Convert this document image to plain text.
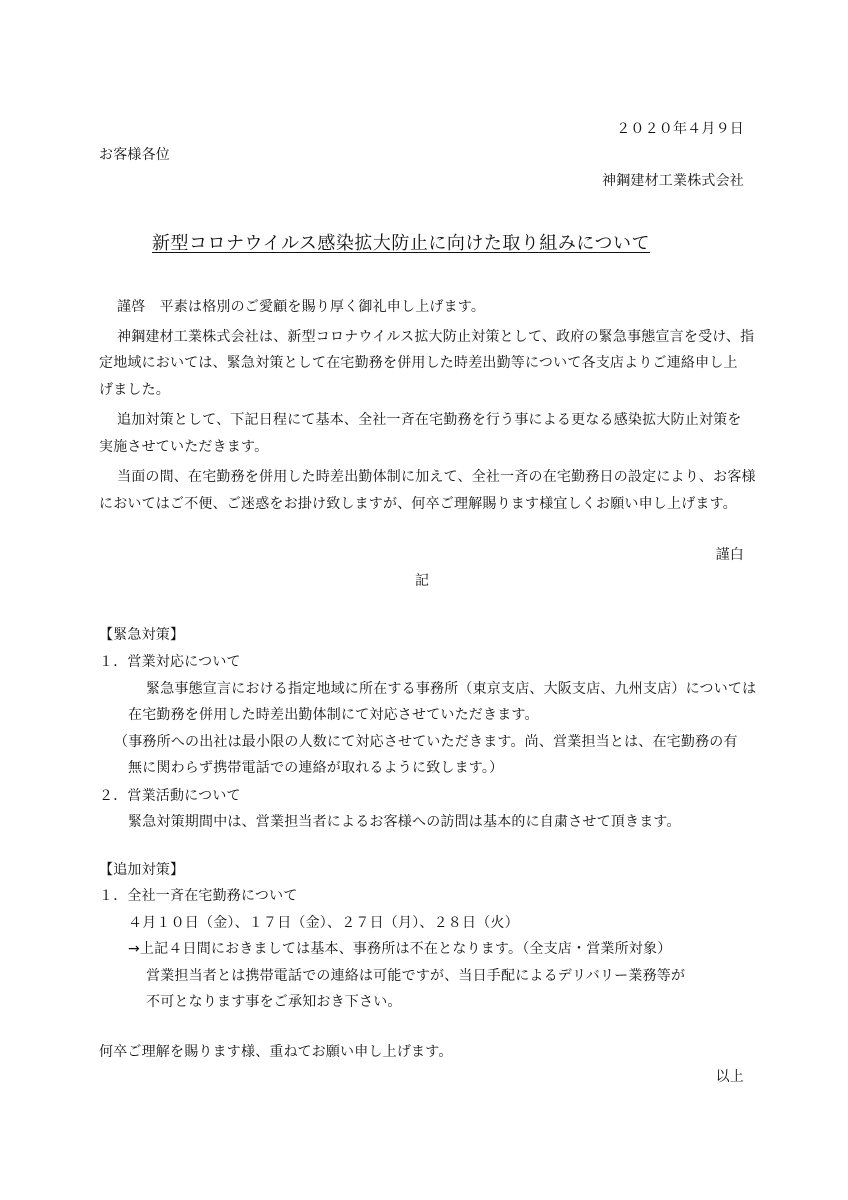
２０２０年４月９日
お客様各位
神鋼建材工業株式会社
新型コロナウイルス感染拡大防止に向けた取り組みについて
謹啓　平素は格別のご愛顧を賜り厚く御礼申し上げます。
神鋼建材工業株式会社は、新型コロナウイルス拡大防止対策として、政府の緊急事態宣言を受け、指
定地域においては、緊急対策として在宅勤務を併用した時差出勤等について各支店よりご連絡申し上
げました。
追加対策として、下記日程にて基本、全社一斉在宅勤務を行う事による更なる感染拡大防止対策を
実施させていただきます。
当面の間、在宅勤務を併用した時差出勤体制に加えて、全社一斉の在宅勤務日の設定により、お客様
においてはご不便、ご迷惑をお掛け致しますが、何卒ご理解賜ります様宜しくお願い申し上げます。
謹白
記
【緊急対策】
１．営業対応について
緊急事態宣言における指定地域に所在する事務所（東京支店、大阪支店、九州支店）については
在宅勤務を併用した時差出勤体制にて対応させていただきます。
（事務所への出社は最小限の人数にて対応させていただきます。尚、営業担当とは、在宅勤務の有
無に関わらず携帯電話での連絡が取れるように致します。）
２．営業活動について
緊急対策期間中は、営業担当者によるお客様への訪問は基本的に自粛させて頂きます。
【追加対策】
１．全社一斉在宅勤務について
４月１０日（金）、１７日（金）、２７日（月）、２８日（火）
→上記４日間におきましては基本、事務所は不在となります。（全支店・営業所対象）
営業担当者とは携帯電話での連絡は可能ですが、当日手配によるデリバリー業務等が
不可となります事をご承知おき下さい。
何卒ご理解を賜ります様、重ねてお願い申し上げます。
以上
